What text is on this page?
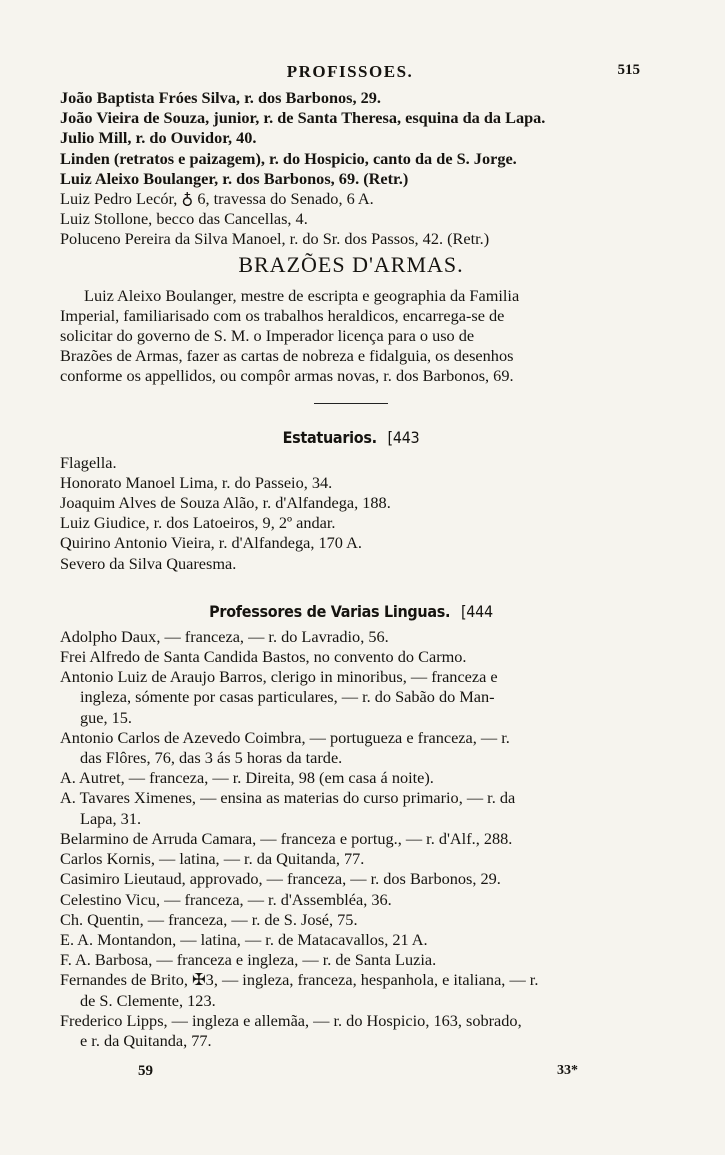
PROFISSOES.	515
João Baptista Fróes Silva, r. dos Barbonos, 29.
João Vieira de Souza, junior, r. de Santa Theresa, esquina da da Lapa.
Julio Mill, r. do Ouvidor, 40.
Linden (retratos e paizagem), r. do Hospicio, canto da de S. Jorge.
Luiz Aleixo Boulanger, r. dos Barbonos, 69. (Retr.)
Luiz Pedro Lecór, ♁ 6, travessa do Senado, 6 A.
Luiz Stollone, becco das Cancellas, 4.
Poluceno Pereira da Silva Manoel, r. do Sr. dos Passos, 42. (Retr.)
BRAZÕES D'ARMAS.
Luiz Aleixo Boulanger, mestre de escripta e geographia da Familia
Imperial, familiarisado com os trabalhos heraldicos, encarrega-se de
solicitar do governo de S. M. o Imperador licença para o uso de
Brazões de Armas, fazer as cartas de nobreza e fidalguia, os desenhos
conforme os appellidos, ou compôr armas novas, r. dos Barbonos, 69.
Estatuarios. [443
Flagella.
Honorato Manoel Lima, r. do Passeio, 34.
Joaquim Alves de Souza Alão, r. d'Alfandega, 188.
Luiz Giudice, r. dos Latoeiros, 9, 2º andar.
Quirino Antonio Vieira, r. d'Alfandega, 170 A.
Severo da Silva Quaresma.
Professores de Varias Linguas. [444
Adolpho Daux, — franceza, — r. do Lavradio, 56.
Frei Alfredo de Santa Candida Bastos, no convento do Carmo.
Antonio Luiz de Araujo Barros, clerigo in minoribus, — franceza e
ingleza, sómente por casas particulares, — r. do Sabão do Man-
gue, 15.
Antonio Carlos de Azevedo Coimbra, — portugueza e franceza, — r.
das Flôres, 76, das 3 ás 5 horas da tarde.
A. Autret, — franceza, — r. Direita, 98 (em casa á noite).
A. Tavares Ximenes, — ensina as materias do curso primario, — r. da
Lapa, 31.
Belarmino de Arruda Camara, — franceza e portug., — r. d'Alf., 288.
Carlos Kornis, — latina, — r. da Quitanda, 77.
Casimiro Lieutaud, approvado, — franceza, — r. dos Barbonos, 29.
Celestino Vicu, — franceza, — r. d'Assembléa, 36.
Ch. Quentin, — franceza, — r. de S. José, 75.
E. A. Montandon, — latina, — r. de Matacavallos, 21 A.
F. A. Barbosa, — franceza e ingleza, — r. de Santa Luzia.
Fernandes de Brito, ✠3, — ingleza, franceza, hespanhola, e italiana, — r.
de S. Clemente, 123.
Frederico Lipps, — ingleza e allemãa, — r. do Hospicio, 163, sobrado,
e r. da Quitanda, 77.
59	33*
